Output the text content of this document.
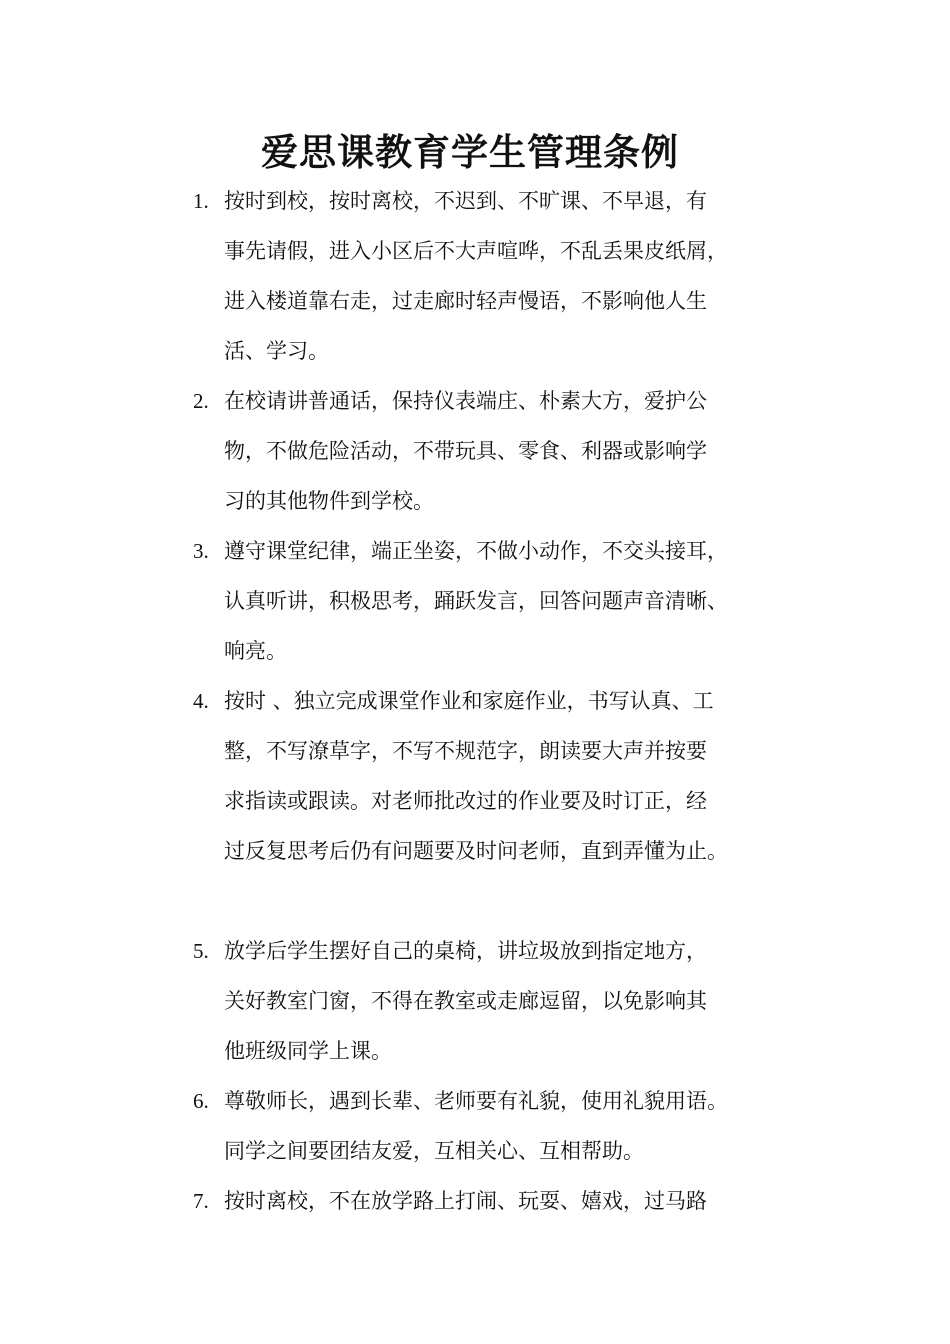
爱思课教育学生管理条例
1. 按时到校，按时离校，不迟到、不旷课、不早退，有
事先请假，进入小区后不大声喧哗，不乱丢果皮纸屑，
进入楼道靠右走，过走廊时轻声慢语，不影响他人生
活、学习。
2. 在校请讲普通话，保持仪表端庄、朴素大方，爱护公
物，不做危险活动，不带玩具、零食、利器或影响学
习的其他物件到学校。
3. 遵守课堂纪律，端正坐姿，不做小动作，不交头接耳，
认真听讲，积极思考，踊跃发言，回答问题声音清晰、
响亮。
4. 按时 、独立完成课堂作业和家庭作业，书写认真、工
整，不写潦草字，不写不规范字，朗读要大声并按要
求指读或跟读。对老师批改过的作业要及时订正，经
过反复思考后仍有问题要及时问老师，直到弄懂为止。
5. 放学后学生摆好自己的桌椅，讲垃圾放到指定地方，
关好教室门窗，不得在教室或走廊逗留，以免影响其
他班级同学上课。
6. 尊敬师长，遇到长辈、老师要有礼貌，使用礼貌用语。
同学之间要团结友爱，互相关心、互相帮助。
7. 按时离校，不在放学路上打闹、玩耍、嬉戏，过马路
